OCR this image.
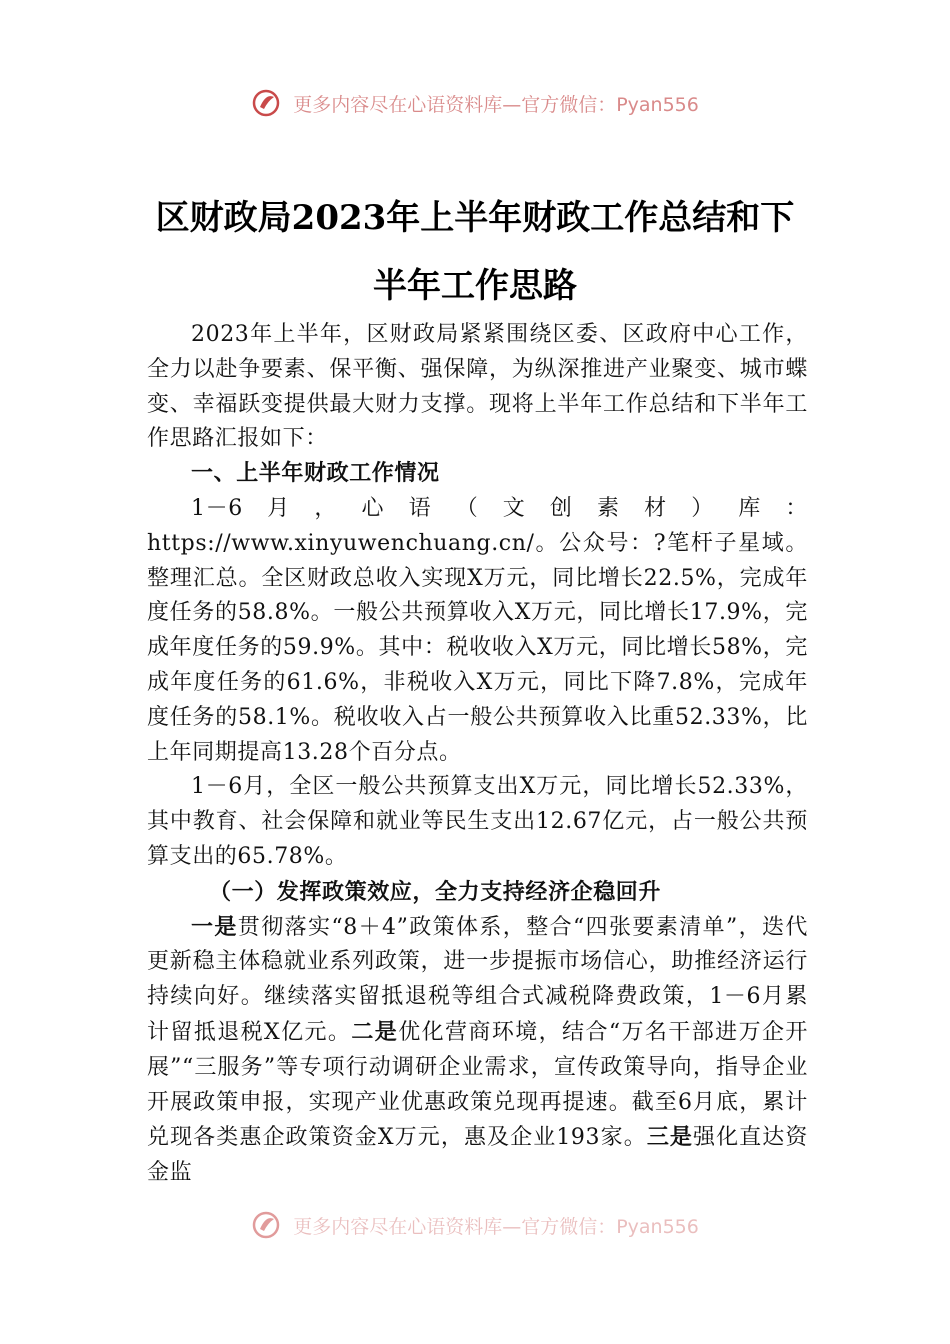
更多内容尽在心语资料库—官方微信：Pyan556
区财政局2023年上半年财政工作总结和下
半年工作思路

2023年上半年，区财政局紧紧围绕区委、区政府中心工作，全力以赴争要素、保平衡、强保障，为纵深推进产业聚变、城市蝶变、幸福跃变提供最大财力支撑。现将上半年工作总结和下半年工作思路汇报如下：

一、上半年财政工作情况

1－6月，心语（文创素材）库：https://www.xinyuwenchuang.cn/。公众号：?笔杆子星域。整理汇总。全区财政总收入实现X万元，同比增长22.5%，完成年度任务的58.8%。一般公共预算收入X万元，同比增长17.9%，完成年度任务的59.9%。其中：税收收入X万元，同比增长58%，完成年度任务的61.6%，非税收入X万元，同比下降7.8%，完成年度任务的58.1%。税收收入占一般公共预算收入比重52.33%，比上年同期提高13.28个百分点。

1－6月，全区一般公共预算支出X万元，同比增长52.33%，其中教育、社会保障和就业等民生支出12.67亿元，占一般公共预算支出的65.78%。

（一）发挥政策效应，全力支持经济企稳回升

一是贯彻落实“8＋4”政策体系，整合“四张要素清单”，迭代更新稳主体稳就业系列政策，进一步提振市场信心，助推经济运行持续向好。继续落实留抵退税等组合式减税降费政策，1－6月累计留抵退税X亿元。二是优化营商环境，结合“万名干部进万企开展”“三服务”等专项行动调研企业需求，宣传政策导向，指导企业开展政策申报，实现产业优惠政策兑现再提速。截至6月底，累计兑现各类惠企政策资金X万元，惠及企业193家。三是强化直达资金监

更多内容尽在心语资料库—官方微信：Pyan556
